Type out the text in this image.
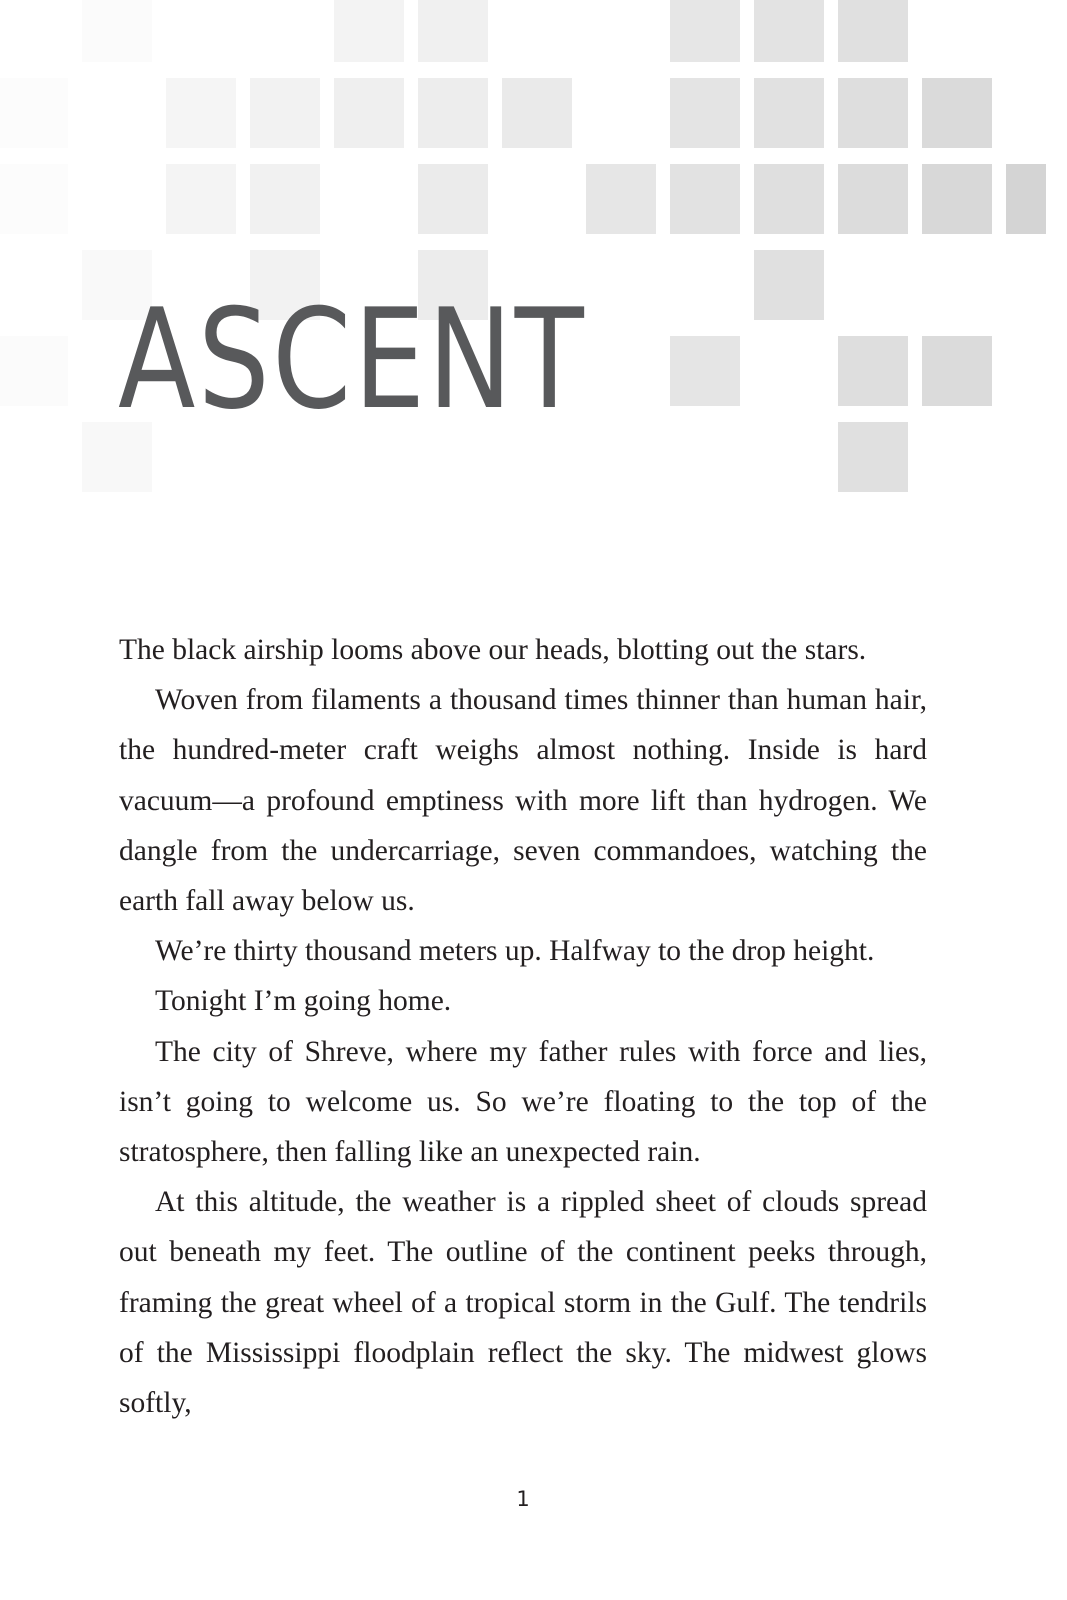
ASCENT

The black airship looms above our heads, blotting out the stars.

Woven from filaments a thousand times thinner than human hair, the hundred-meter craft weighs almost nothing. Inside is hard vacuum—a profound emptiness with more lift than hydrogen. We dangle from the undercarriage, seven commandoes, watching the earth fall away below us.

We’re thirty thousand meters up. Halfway to the drop height.

Tonight I’m going home.

The city of Shreve, where my father rules with force and lies, isn’t going to welcome us. So we’re floating to the top of the stratosphere, then falling like an unexpected rain.

At this altitude, the weather is a rippled sheet of clouds spread out beneath my feet. The outline of the continent peeks through, framing the great wheel of a tropical storm in the Gulf. The tendrils of the Mississippi floodplain reflect the sky. The midwest glows softly,

1
